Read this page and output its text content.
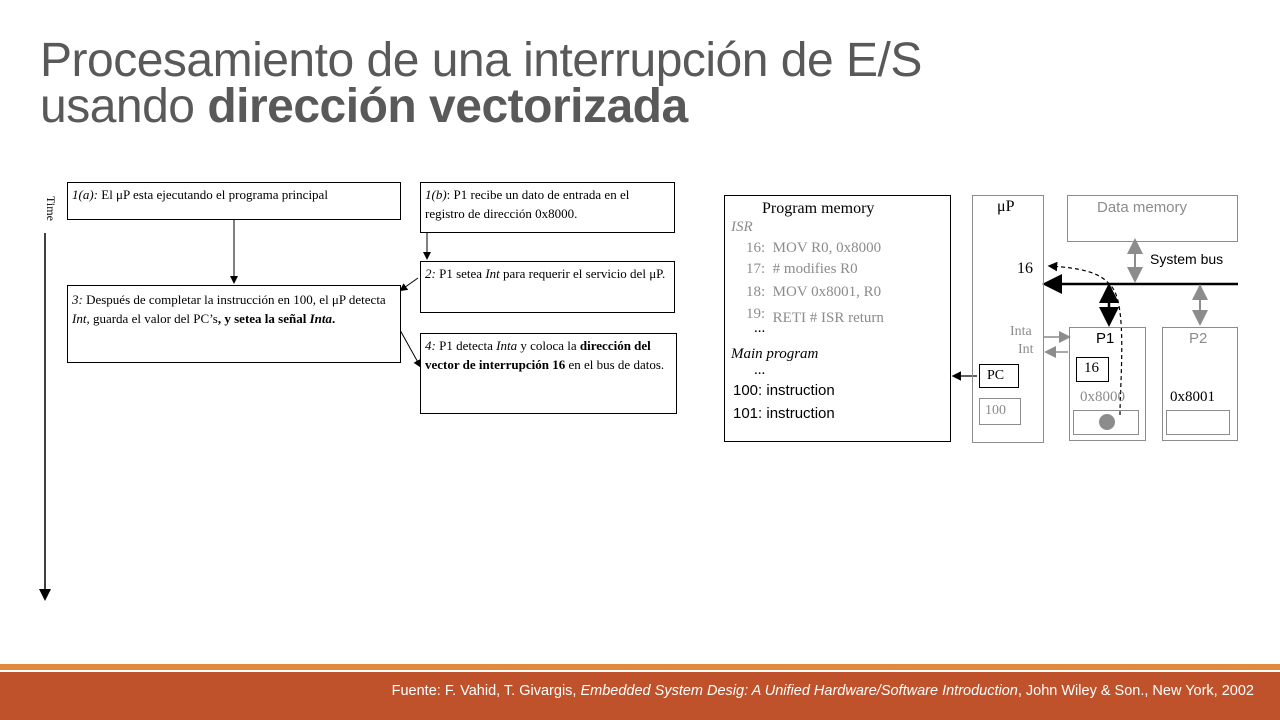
Procesamiento de una interrupción de E/S
usando dirección vectorizada
Time
1(a): El μP esta ejecutando el programa principal	1(b): P1 recibe un dato de entrada en el registro de dirección 0x8000.
2: P1 setea Int para requerir el servicio del μP.
3: Después de completar la instrucción en 100, el μP detecta Int, guarda el valor del PC’s, y setea la señal Inta.
4: P1 detecta Inta y coloca la dirección del vector de interrupción 16 en el bus de datos.
Program memory
ISR
16: MOV R0, 0x8000
17: # modifies R0
18: MOV 0x8001, R0
19: RETI # ISR return
...
Main program
...
100: instruction
101: instruction
μP
16
Inta
Int
PC
100
Data memory
System bus
P1
16
0x8000
P2
0x8001
Fuente: F. Vahid, T. Givargis, Embedded System Desig: A Unified Hardware/Software Introduction, John Wiley & Son., New York, 2002
